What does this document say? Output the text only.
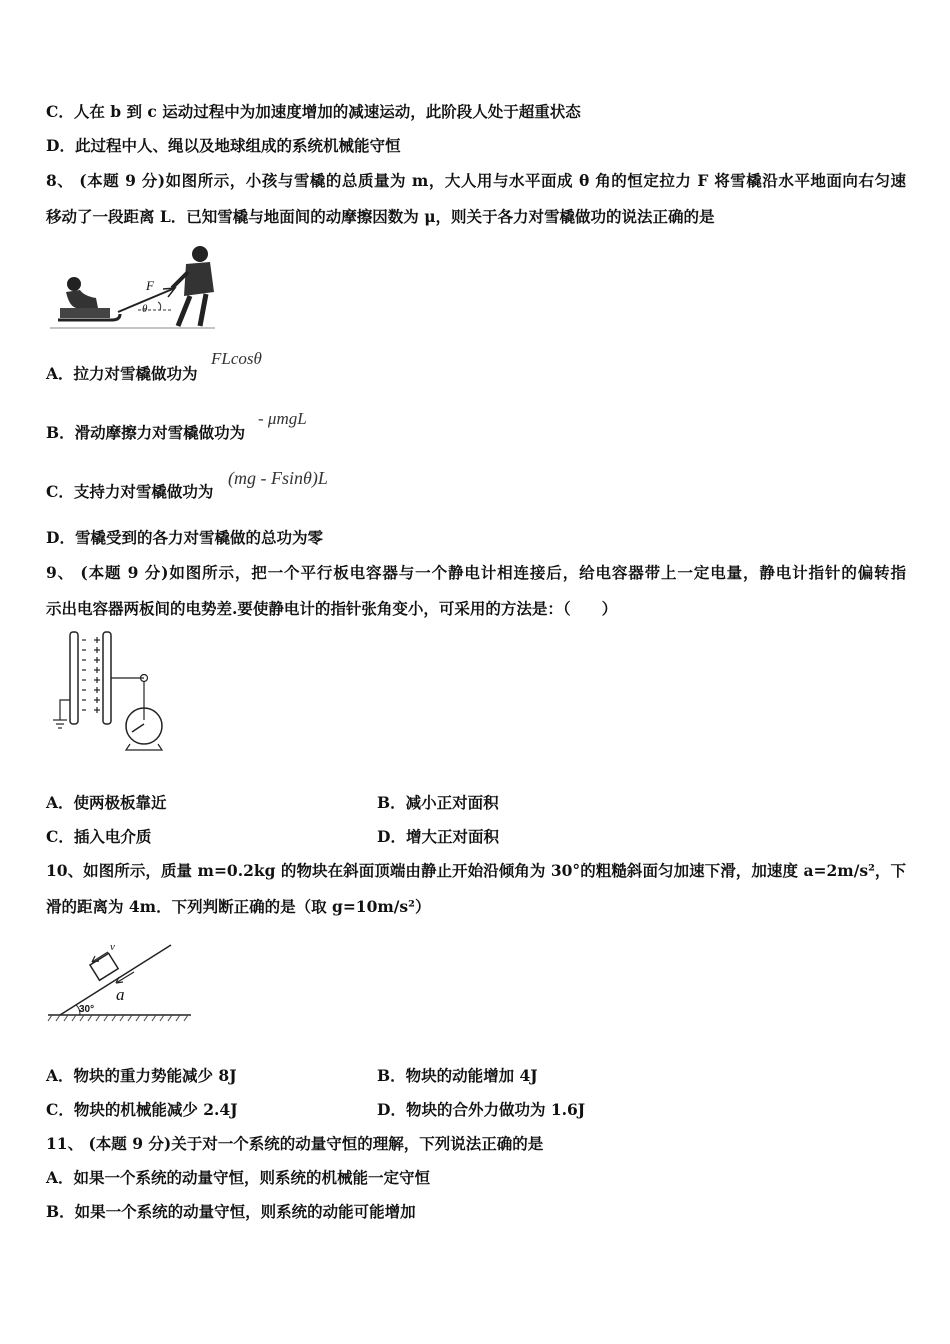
C．人在 b 到 c 运动过程中为加速度增加的减速运动，此阶段人处于超重状态
D．此过程中人、绳以及地球组成的系统机械能守恒
8、 (本题 9 分)如图所示，小孩与雪橇的总质量为 m，大人用与水平面成 θ 角的恒定拉力 F 将雪橇沿水平地面向右匀速
移动了一段距离 L．已知雪橇与地面间的动摩擦因数为 μ，则关于各力对雪橇做功的说法正确的是
F
θ
A．拉力对雪橇做功为
FLcosθ
B．滑动摩擦力对雪橇做功为
- μmgL
C．支持力对雪橇做功为
(mg - Fsinθ)L
D．雪橇受到的各力对雪橇做的总功为零
9、 (本题 9 分)如图所示，把一个平行板电容器与一个静电计相连接后，给电容器带上一定电量，静电计指针的偏转指
示出电容器两板间的电势差.要使静电计的指针张角变小，可采用的方法是：（　　）
A．使两极板靠近	B．减小正对面积
C．插入电介质	D．增大正对面积
10、如图所示，质量 m=0.2kg 的物块在斜面顶端由静止开始沿倾角为 30°的粗糙斜面匀加速下滑，加速度 a=2m/s²，下
滑的距离为 4m．下列判断正确的是（取 g=10m/s²）
v
a
30°
A．物块的重力势能减少 8J	B．物块的动能增加 4J
C．物块的机械能减少 2.4J	D．物块的合外力做功为 1.6J
11、 (本题 9 分)关于对一个系统的动量守恒的理解，下列说法正确的是
A．如果一个系统的动量守恒，则系统的机械能一定守恒
B．如果一个系统的动量守恒，则系统的动能可能增加
